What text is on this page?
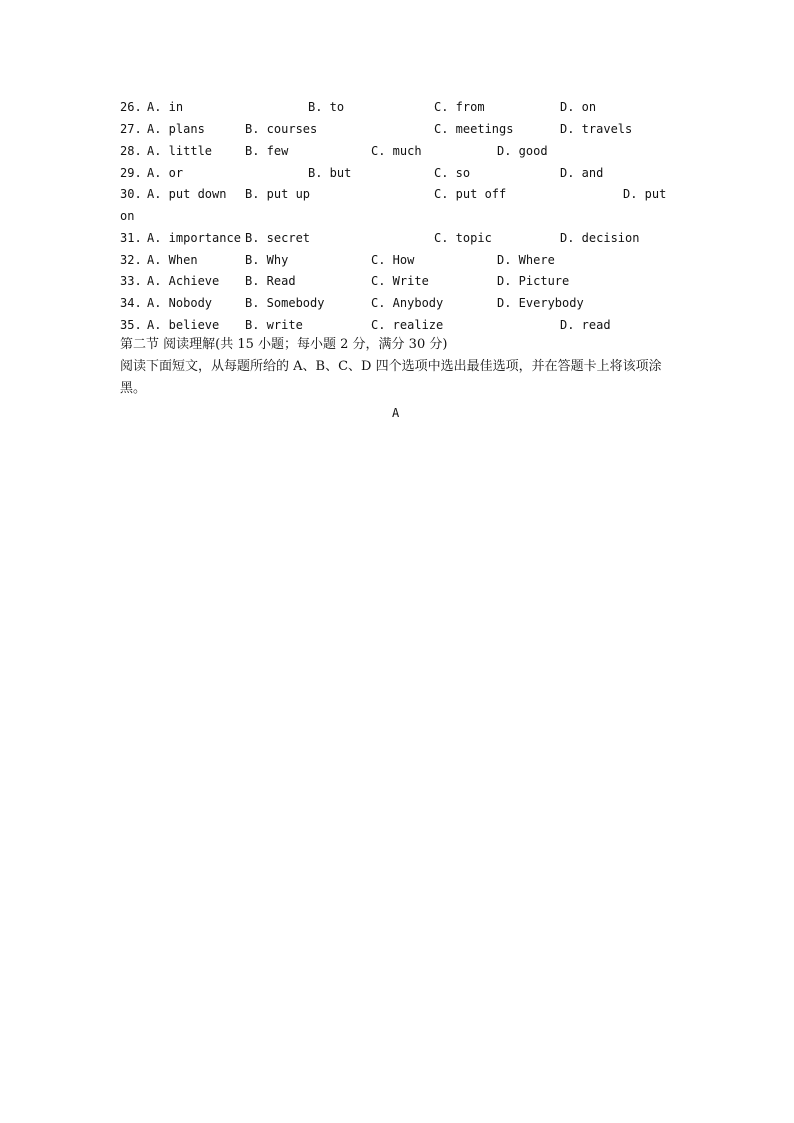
26. A. in	B. to	C. from	D. on
27. A. plans	B. courses	C. meetings	D. travels
28. A. little	B. few	C. much	D. good
29. A. or	B. but	C. so	D. and
30. A. put down B. put up	C. put off	D. put
on
31. A. importance B. secret	C. topic	D. decision
32. A. When	B. Why	C. How	D. Where
33. A. Achieve B. Read	C. Write	D. Picture
34. A. Nobody	B. Somebody	C. Anybody	D. Everybody
35. A. believe B. write	C. realize	D. read
第二节 阅读理解(共 15 小题；每小题 2 分，满分 30 分)
阅读下面短文，从每题所给的 A、B、C、D 四个选项中选出最佳选项，并在答题卡上将该项涂黑。
A
